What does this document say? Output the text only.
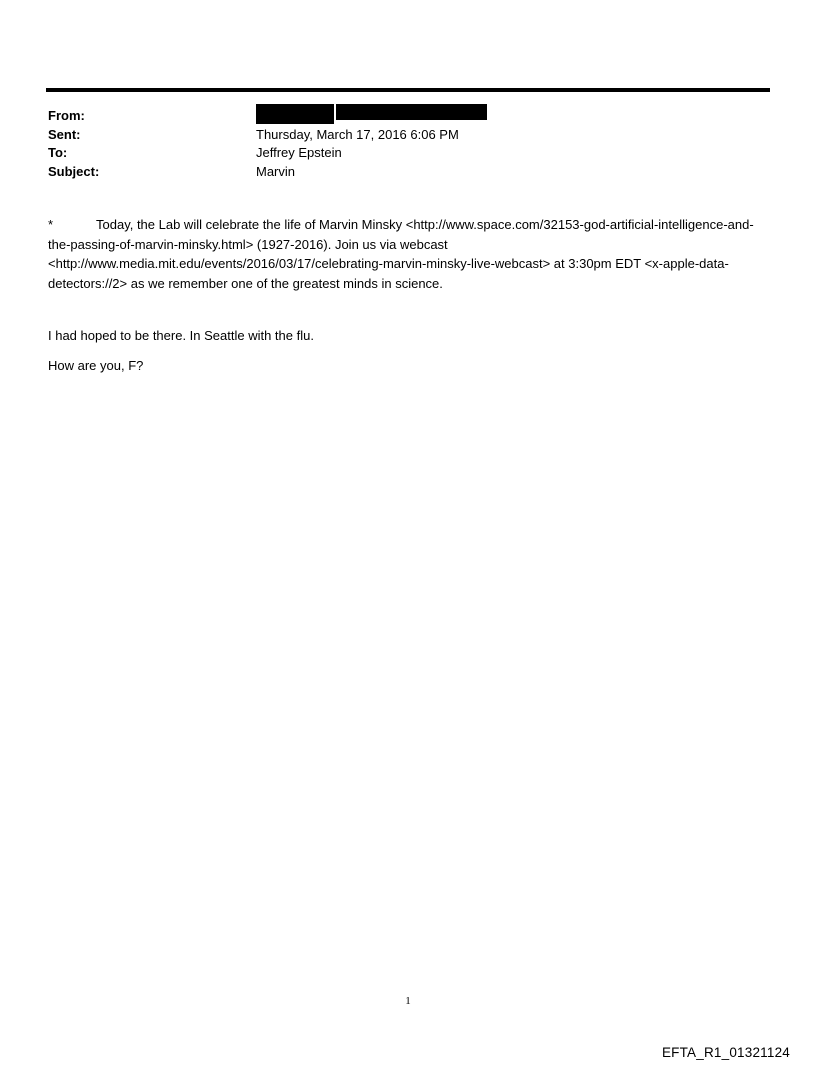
From:
Sent:	Thursday, March 17, 2016 6:06 PM
To:	Jeffrey Epstein
Subject:	Marvin

*	Today, the Lab will celebrate the life of Marvin Minsky <http://www.space.com/32153-god-artificial-intelligence-and-the-passing-of-marvin-minsky.html> (1927-2016). Join us via webcast <http://www.media.mit.edu/events/2016/03/17/celebrating-marvin-minsky-live-webcast> at 3:30pm EDT <x-apple-data-detectors://2> as we remember one of the greatest minds in science.

I had hoped to be there. In Seattle with the flu.

How are you, F?

1
EFTA_R1_01321124
